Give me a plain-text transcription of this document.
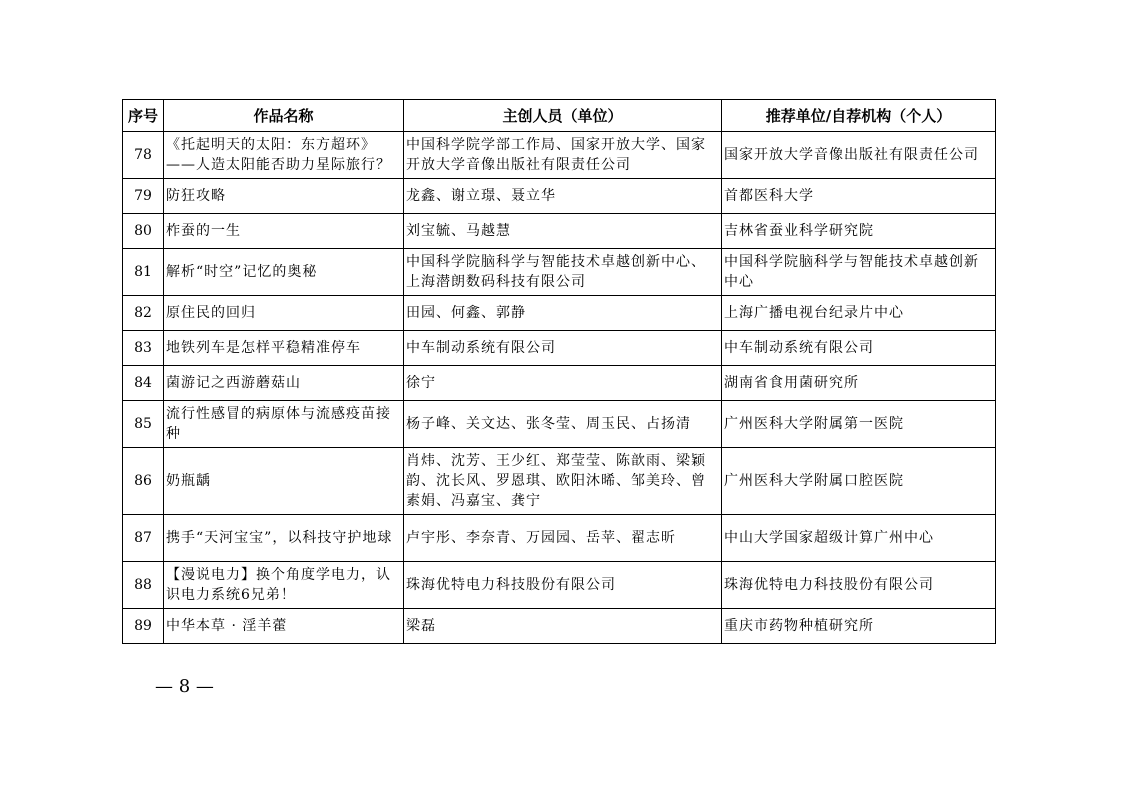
序号	作品名称	主创人员（单位）	推荐单位/自荐机构（个人）
78	《托起明天的太阳：东方超环》——人造太阳能否助力星际旅行？	中国科学院学部工作局、国家开放大学、国家开放大学音像出版社有限责任公司	国家开放大学音像出版社有限责任公司
79	防狂攻略	龙鑫、谢立璟、聂立华	首都医科大学
80	柞蚕的一生	刘宝毓、马越慧	吉林省蚕业科学研究院
81	解析“时空”记忆的奥秘	中国科学院脑科学与智能技术卓越创新中心、上海潜朗数码科技有限公司	中国科学院脑科学与智能技术卓越创新中心
82	原住民的回归	田园、何鑫、郭静	上海广播电视台纪录片中心
83	地铁列车是怎样平稳精准停车	中车制动系统有限公司	中车制动系统有限公司
84	菌游记之西游蘑菇山	徐宁	湖南省食用菌研究所
85	流行性感冒的病原体与流感疫苗接种	杨子峰、关文达、张冬莹、周玉民、占扬清	广州医科大学附属第一医院
86	奶瓶龋	肖炜、沈芳、王少红、郑莹莹、陈歆雨、梁颖韵、沈长风、罗恩琪、欧阳沐晞、邹美玲、曾素娟、冯嘉宝、龚宁	广州医科大学附属口腔医院
87	携手“天河宝宝”，以科技守护地球	卢宇彤、李奈青、万园园、岳苹、翟志昕	中山大学国家超级计算广州中心
88	【漫说电力】换个角度学电力，认识电力系统6兄弟！	珠海优特电力科技股份有限公司	珠海优特电力科技股份有限公司
89	中华本草 · 淫羊藿	梁磊	重庆市药物种植研究所
— 8 —
